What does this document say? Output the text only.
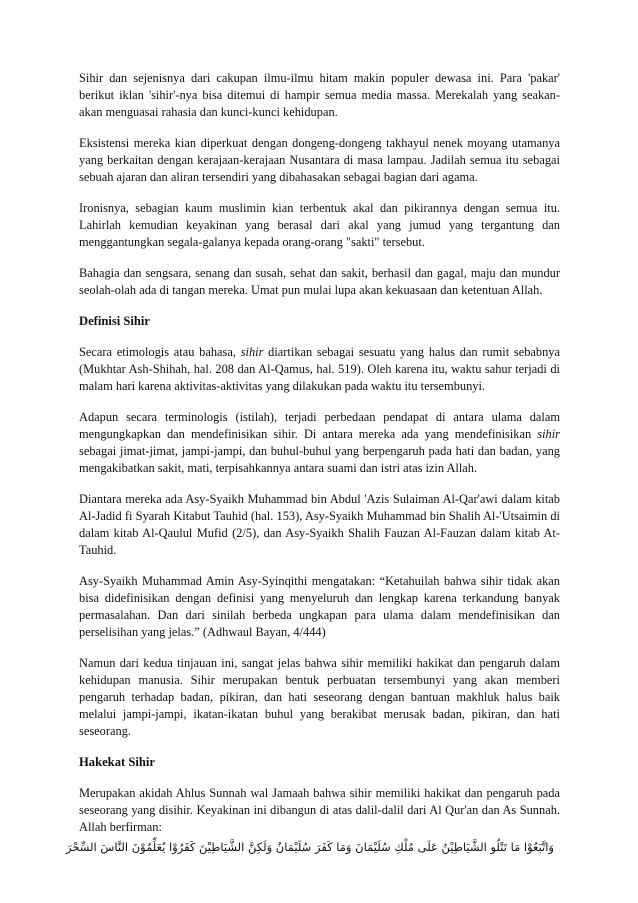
Sihir dan sejenisnya dari cakupan ilmu-ilmu hitam makin populer dewasa ini. Para 'pakar' berikut iklan 'sihir'-nya bisa ditemui di hampir semua media massa. Merekalah yang seakan-akan menguasai rahasia dan kunci-kunci kehidupan.

Eksistensi mereka kian diperkuat dengan dongeng-dongeng takhayul nenek moyang utamanya yang berkaitan dengan kerajaan-kerajaan Nusantara di masa lampau. Jadilah semua itu sebagai sebuah ajaran dan aliran tersendiri yang dibahasakan sebagai bagian dari agama.

Ironisnya, sebagian kaum muslimin kian terbentuk akal dan pikirannya dengan semua itu. Lahirlah kemudian keyakinan yang berasal dari akal yang jumud yang tergantung dan menggantungkan segala-galanya kepada orang-orang "sakti" tersebut.

Bahagia dan sengsara, senang dan susah, sehat dan sakit, berhasil dan gagal, maju dan mundur seolah-olah ada di tangan mereka. Umat pun mulai lupa akan kekuasaan dan ketentuan Allah.

Definisi Sihir

Secara etimologis atau bahasa, sihir diartikan sebagai sesuatu yang halus dan rumit sebabnya (Mukhtar Ash-Shihah, hal. 208 dan Al-Qamus, hal. 519). Oleh karena itu, waktu sahur terjadi di malam hari karena aktivitas-aktivitas yang dilakukan pada waktu itu tersembunyi.

Adapun secara terminologis (istilah), terjadi perbedaan pendapat di antara ulama dalam mengungkapkan dan mendefinisikan sihir. Di antara mereka ada yang mendefinisikan sihir sebagai jimat-jimat, jampi-jampi, dan buhul-buhul yang berpengaruh pada hati dan badan, yang mengakibatkan sakit, mati, terpisahkannya antara suami dan istri atas izin Allah.

Diantara mereka ada Asy-Syaikh Muhammad bin Abdul 'Azis Sulaiman Al-Qar'awi dalam kitab Al-Jadid fi Syarah Kitabut Tauhid (hal. 153), Asy-Syaikh Muhammad bin Shalih Al-'Utsaimin di dalam kitab Al-Qaulul Mufid (2/5), dan Asy-Syaikh Shalih Fauzan Al-Fauzan dalam kitab At-Tauhid.

Asy-Syaikh Muhammad Amin Asy-Syinqithi mengatakan: “Ketahuilah bahwa sihir tidak akan bisa didefinisikan dengan definisi yang menyeluruh dan lengkap karena terkandung banyak permasalahan. Dan dari sinilah berbeda ungkapan para ulama dalam mendefinisikan dan perselisihan yang jelas.” (Adhwaul Bayan, 4/444)

Namun dari kedua tinjauan ini, sangat jelas bahwa sihir memiliki hakikat dan pengaruh dalam kehidupan manusia. Sihir merupakan bentuk perbuatan tersembunyi yang akan memberi pengaruh terhadap badan, pikiran, dan hati seseorang dengan bantuan makhluk halus baik melalui jampi-jampi, ikatan-ikatan buhul yang berakibat merusak badan, pikiran, dan hati seseorang.

Hakekat Sihir

Merupakan akidah Ahlus Sunnah wal Jamaah bahwa sihir memiliki hakikat dan pengaruh pada seseorang yang disihir. Keyakinan ini dibangun di atas dalil-dalil dari Al Qur'an dan As Sunnah. Allah berfirman:

وَاتَّبَعُوْا مَا تَتْلُو الشَّيَاطِيْنُ عَلَى مُلْكِ سُلَيْمَانَ وَمَا كَفَرَ سُلَيْمَانُ وَلَكِنَّ الشَّيَاطِيْنَ كَفَرُوْا يُعَلِّمُوْنَ النَّاسَ السِّحْرَ
